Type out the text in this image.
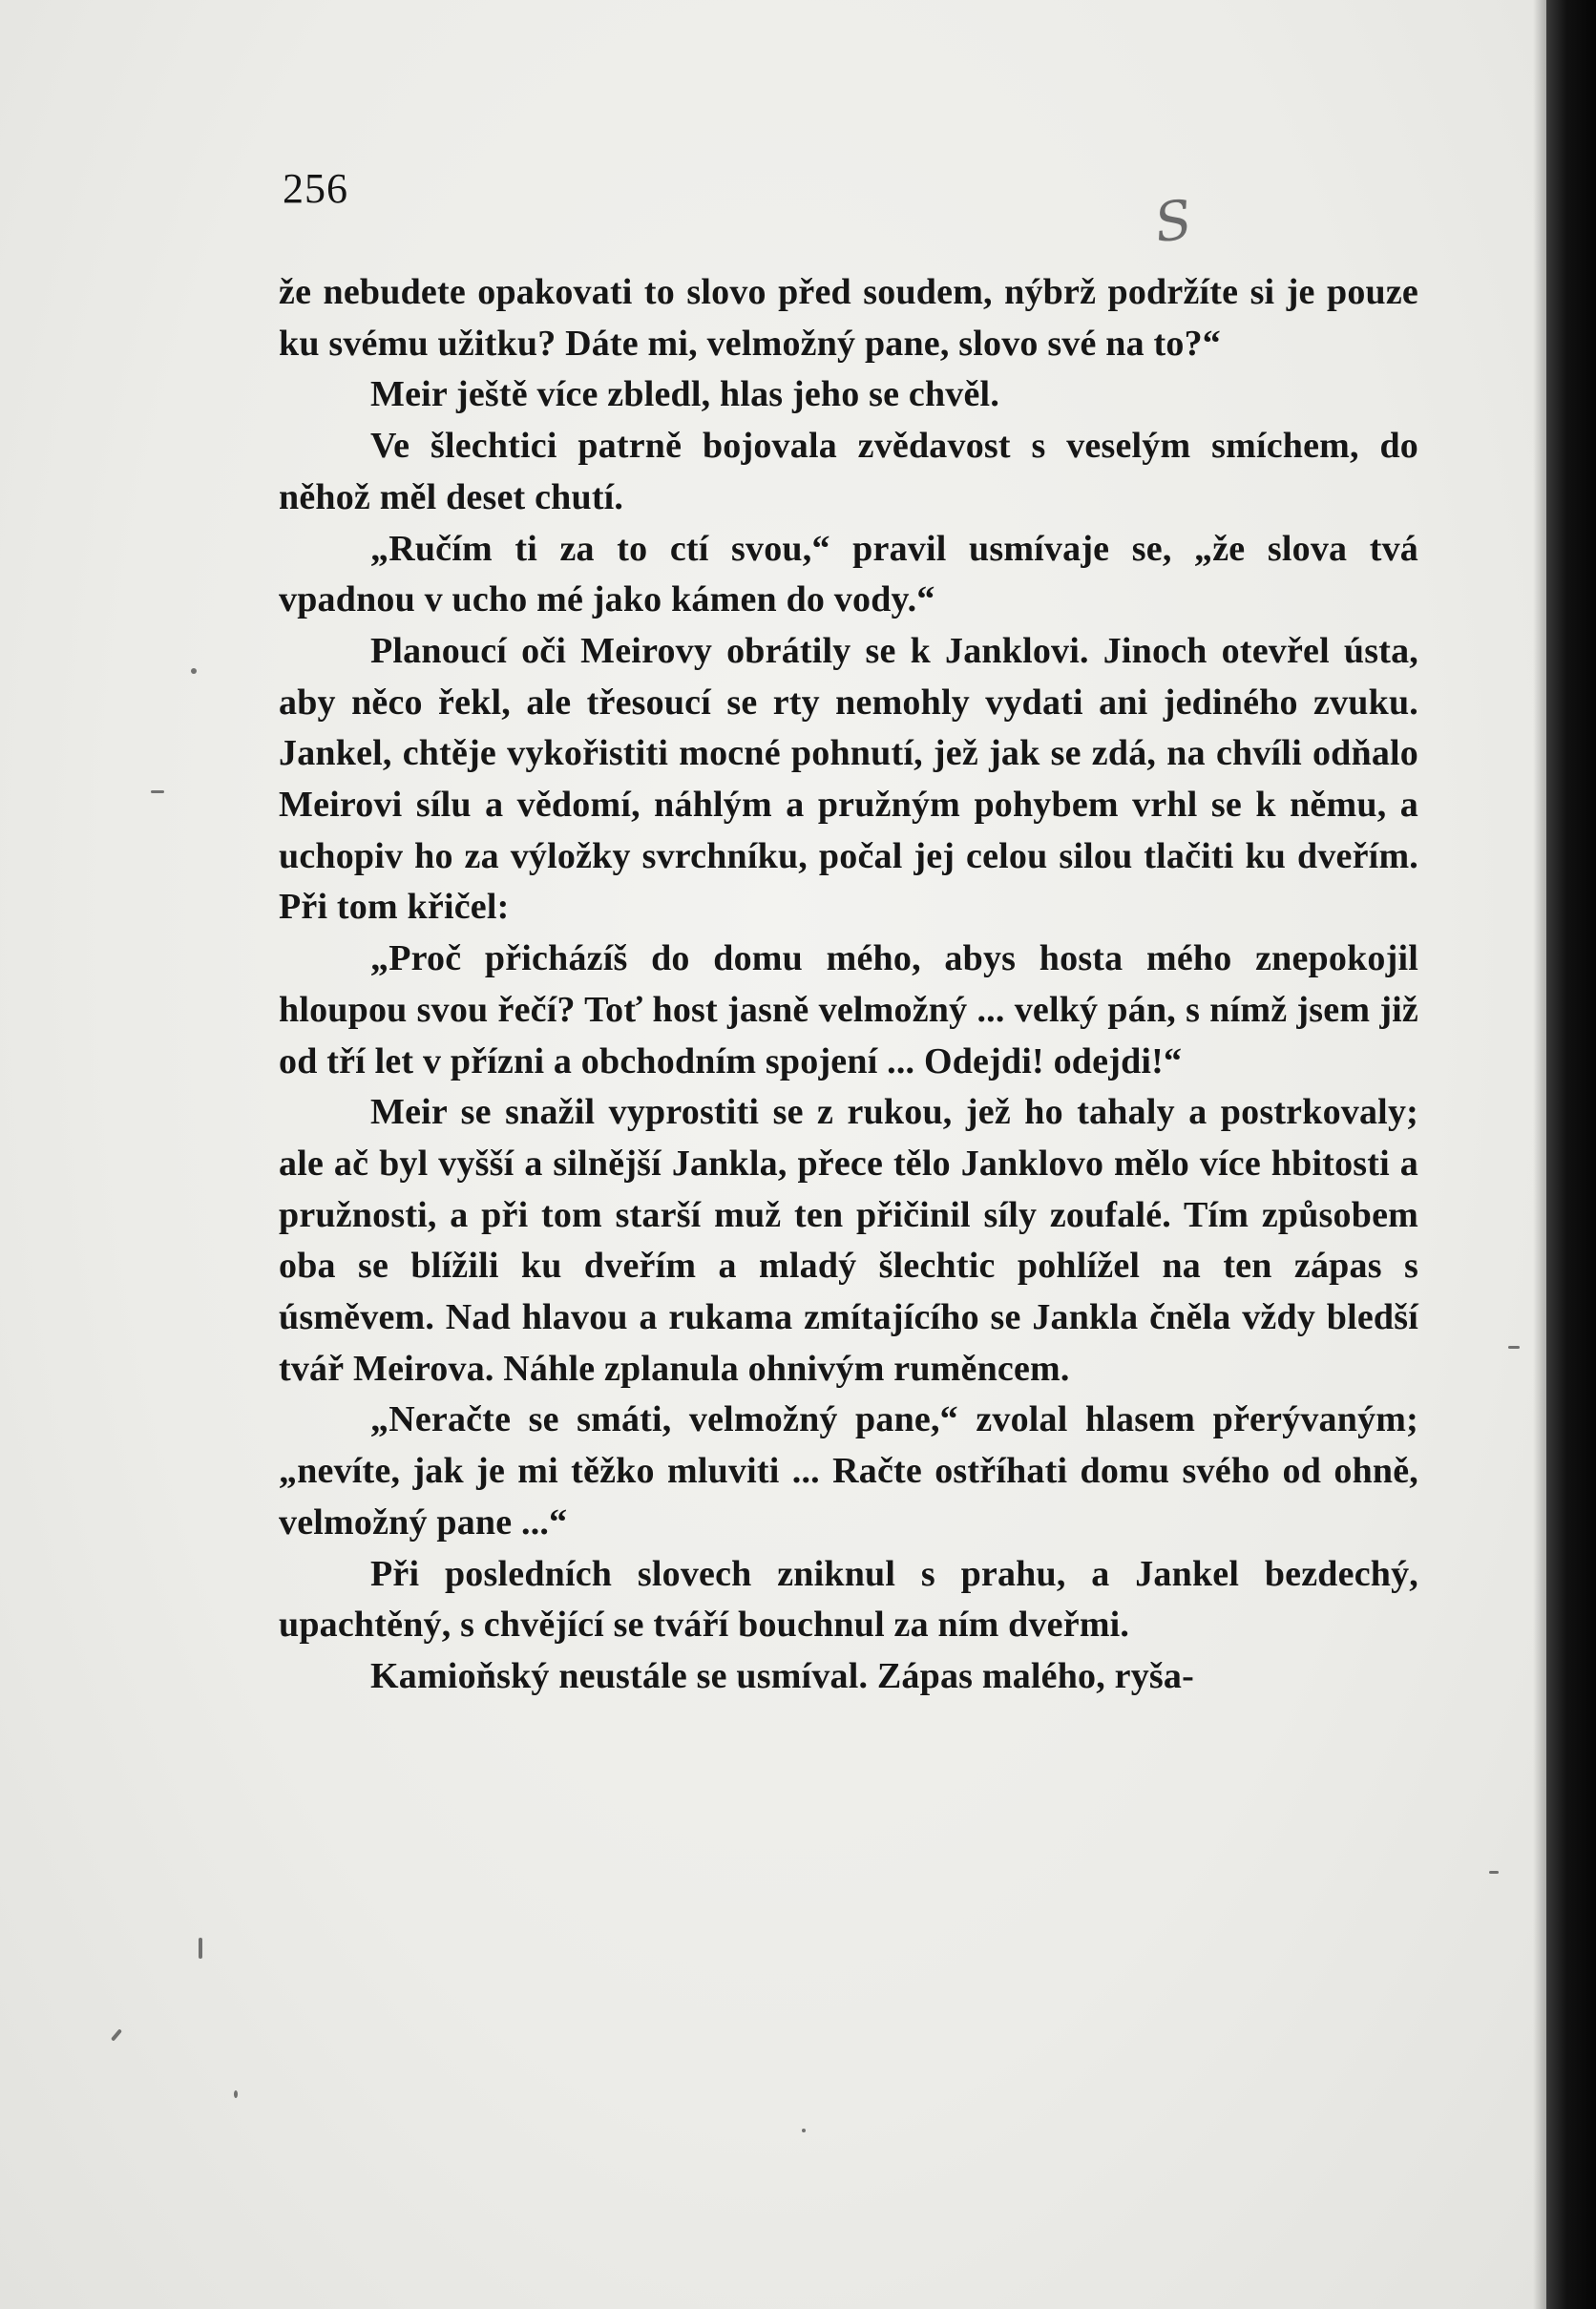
256
S

že nebudete opakovati to slovo před soudem, nýbrž podržíte si je pouze ku svému užitku? Dáte mi, velmožný pane, slovo své na to?“

Meir ještě více zbledl, hlas jeho se chvěl.

Ve šlechtici patrně bojovala zvědavost s veselým smíchem, do něhož měl deset chutí.

„Ručím ti za to ctí svou,“ pravil usmívaje se, „že slova tvá vpadnou v ucho mé jako kámen do vody.“

Planoucí oči Meirovy obrátily se k Janklovi. Jinoch otevřel ústa, aby něco řekl, ale třesoucí se rty nemohly vydati ani jediného zvuku. Jankel, chtěje vykořistiti mocné pohnutí, jež jak se zdá, na chvíli odňalo Meirovi sílu a vědomí, náhlým a pružným pohybem vrhl se k němu, a uchopiv ho za výložky svrchníku, počal jej celou silou tlačiti ku dveřím. Při tom křičel:

„Proč přicházíš do domu mého, abys hosta mého znepokojil hloupou svou řečí? Toť host jasně velmožný ... velký pán, s nímž jsem již od tří let v přízni a obchodním spojení ... Odejdi! odejdi!“

Meir se snažil vyprostiti se z rukou, jež ho tahaly a postrkovaly; ale ač byl vyšší a silnější Jankla, přece tělo Janklovo mělo více hbitosti a pružnosti, a při tom starší muž ten přičinil síly zoufalé. Tím způsobem oba se blížili ku dveřím a mladý šlechtic pohlížel na ten zápas s úsměvem. Nad hlavou a rukama zmítajícího se Jankla čněla vždy bledší tvář Meirova. Náhle zplanula ohnivým ruměncem.

„Neračte se smáti, velmožný pane,“ zvolal hlasem přerývaným; „nevíte, jak je mi těžko mluviti ... Račte ostříhati domu svého od ohně, velmožný pane ...“

Při posledních slovech zniknul s prahu, a Jankel bezdechý, upachtěný, s chvějící se tváří bouchnul za ním dveřmi.

Kamioňský neustále se usmíval. Zápas malého, ryša-
